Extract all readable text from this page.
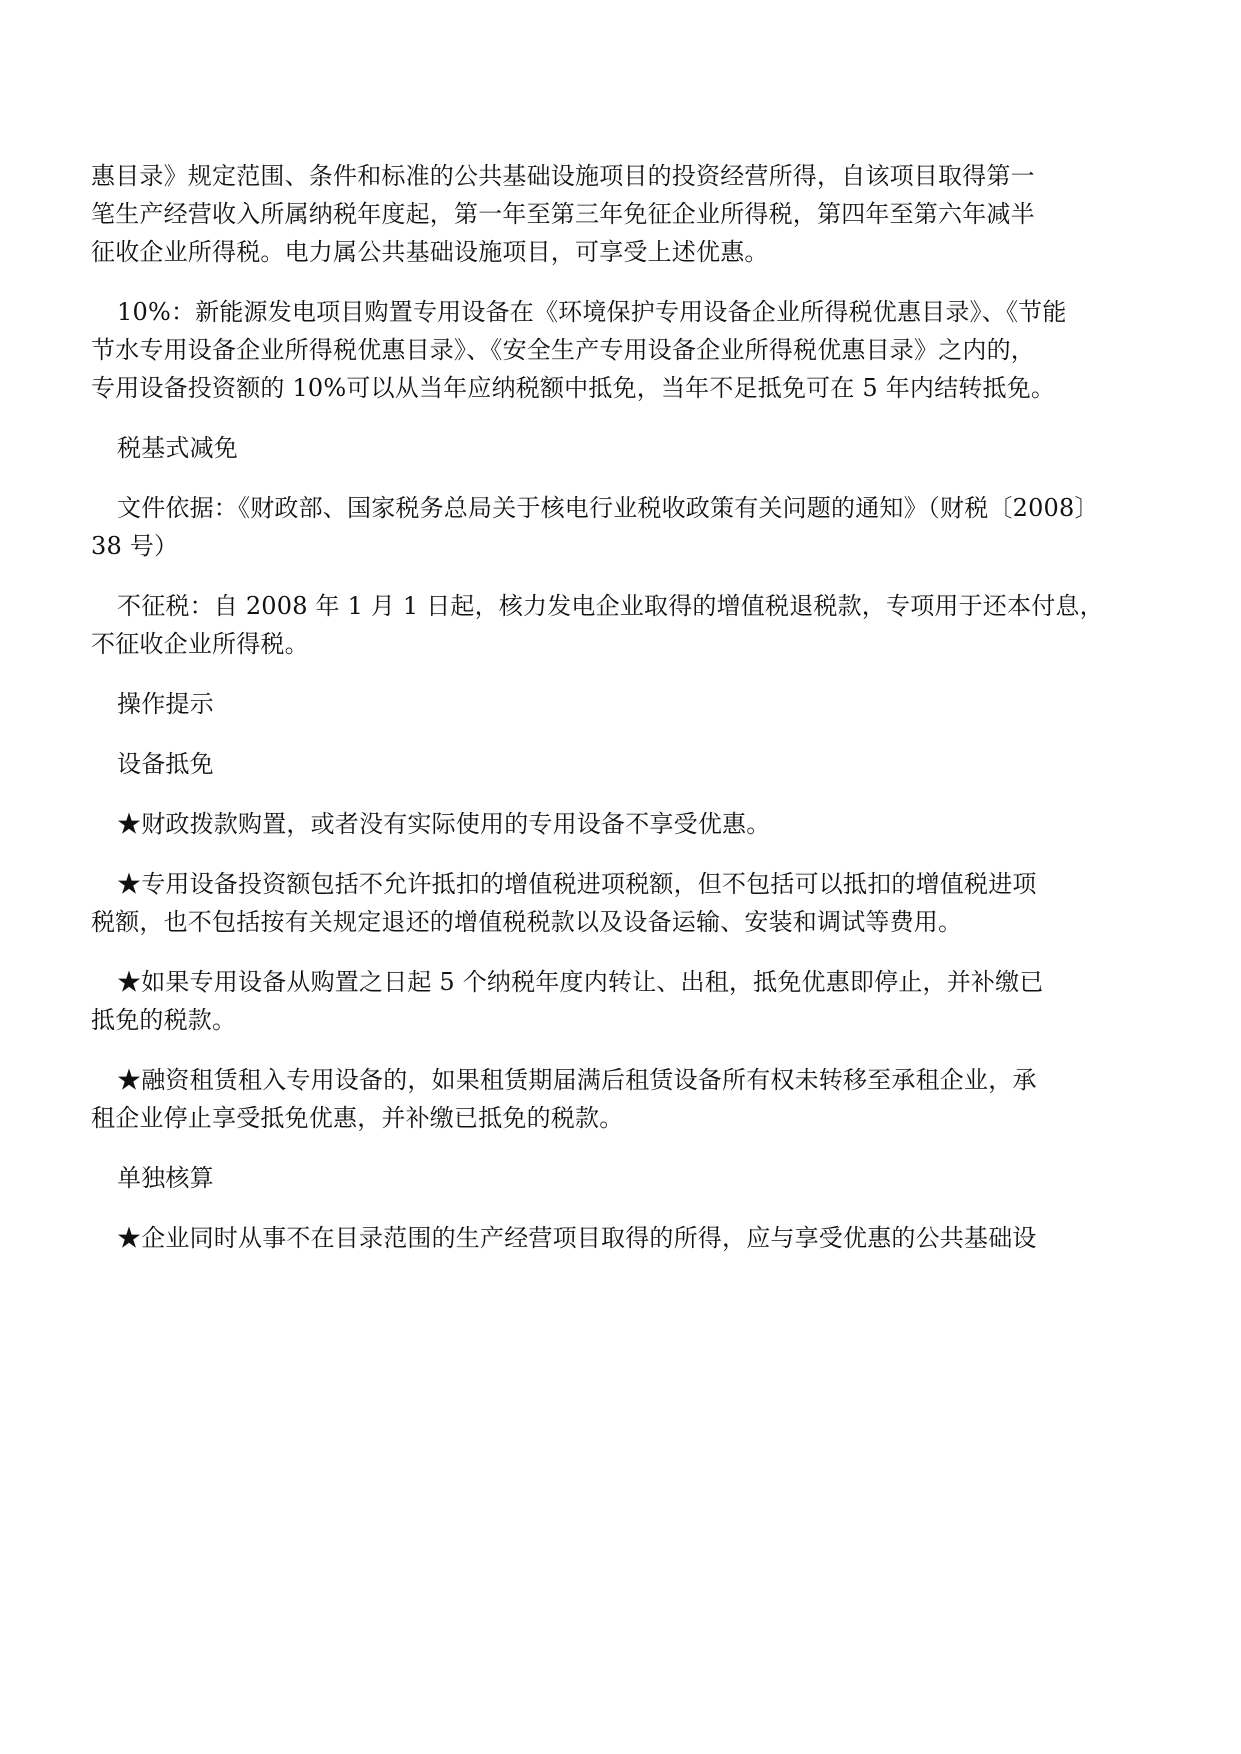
惠目录》规定范围、条件和标准的公共基础设施项目的投资经营所得，自该项目取得第一
笔生产经营收入所属纳税年度起，第一年至第三年免征企业所得税，第四年至第六年减半
征收企业所得税。电力属公共基础设施项目，可享受上述优惠。

10%：新能源发电项目购置专用设备在《环境保护专用设备企业所得税优惠目录》、《节能
节水专用设备企业所得税优惠目录》、《安全生产专用设备企业所得税优惠目录》之内的，
专用设备投资额的 10%可以从当年应纳税额中抵免，当年不足抵免可在 5 年内结转抵免。

税基式减免

文件依据：《财政部、国家税务总局关于核电行业税收政策有关问题的通知》（财税〔2008〕
38 号）

不征税：自 2008 年 1 月 1 日起，核力发电企业取得的增值税退税款，专项用于还本付息，
不征收企业所得税。

操作提示

设备抵免

★财政拨款购置，或者没有实际使用的专用设备不享受优惠。

★专用设备投资额包括不允许抵扣的增值税进项税额，但不包括可以抵扣的增值税进项
税额，也不包括按有关规定退还的增值税税款以及设备运输、安装和调试等费用。

★如果专用设备从购置之日起 5 个纳税年度内转让、出租，抵免优惠即停止，并补缴已
抵免的税款。

★融资租赁租入专用设备的，如果租赁期届满后租赁设备所有权未转移至承租企业，承
租企业停止享受抵免优惠，并补缴已抵免的税款。

单独核算

★企业同时从事不在目录范围的生产经营项目取得的所得，应与享受优惠的公共基础设
